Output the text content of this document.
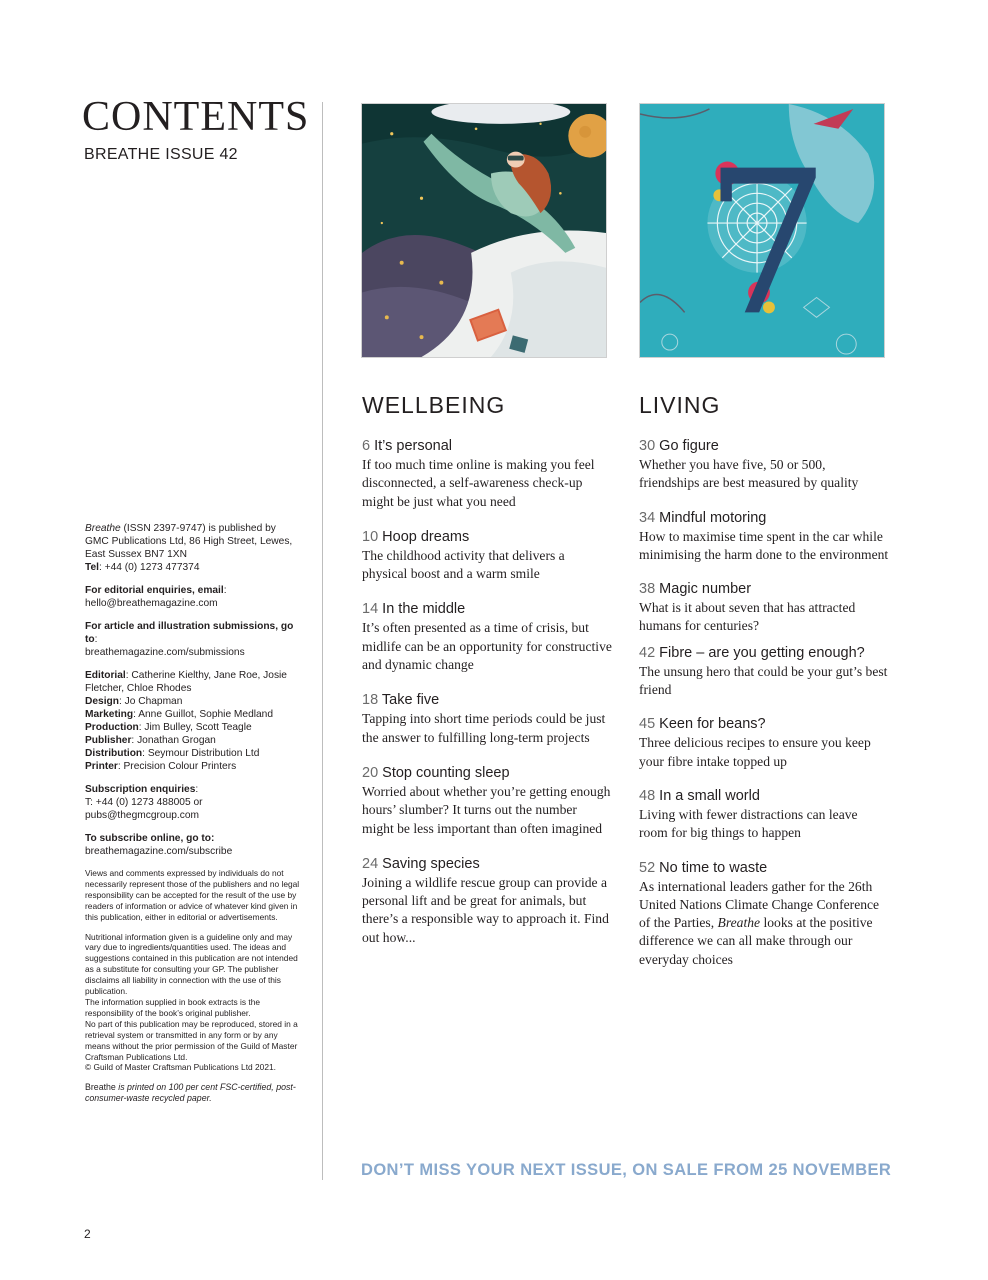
CONTENTS
BREATHE ISSUE 42

Breathe (ISSN 2397-9747) is published by GMC Publications Ltd, 86 High Street, Lewes, East Sussex BN7 1XN
Tel: +44 (0) 1273 477374

For editorial enquiries, email:
hello@breathemagazine.com

For article and illustration submissions, go to:
breathemagazine.com/submissions

Editorial: Catherine Kielthy, Jane Roe, Josie Fletcher, Chloe Rhodes
Design: Jo Chapman
Marketing: Anne Guillot, Sophie Medland
Production: Jim Bulley, Scott Teagle
Publisher: Jonathan Grogan
Distribution: Seymour Distribution Ltd
Printer: Precision Colour Printers

Subscription enquiries:
T: +44 (0) 1273 488005 or
pubs@thegmcgroup.com

To subscribe online, go to:
breathemagazine.com/subscribe

Views and comments expressed by individuals do not necessarily represent those of the publishers and no legal responsibility can be accepted for the result of the use by readers of information or advice of whatever kind given in this publication, either in editorial or advertisements.

Nutritional information given is a guideline only and may vary due to ingredients/quantities used. The ideas and suggestions contained in this publication are not intended as a substitute for consulting your GP. The publisher disclaims all liability in connection with the use of this publication.
The information supplied in book extracts is the responsibility of the book’s original publisher.
No part of this publication may be reproduced, stored in a retrieval system or transmitted in any form or by any means without the prior permission of the Guild of Master Craftsman Publications Ltd.
© Guild of Master Craftsman Publications Ltd 2021.

Breathe is printed on 100 per cent FSC-certified, post-consumer-waste recycled paper.

7
WELLBEING
6 It’s personal
If too much time online is making you feel disconnected, a self-awareness check-up might be just what you need
10 Hoop dreams
The childhood activity that delivers a physical boost and a warm smile
14 In the middle
It’s often presented as a time of crisis, but midlife can be an opportunity for constructive and dynamic change
18 Take five
Tapping into short time periods could be just the answer to fulfilling long-term projects
20 Stop counting sleep
Worried about whether you’re getting enough hours’ slumber? It turns out the number might be less important than often imagined
24 Saving species
Joining a wildlife rescue group can provide a personal lift and be great for animals, but there’s a responsible way to approach it. Find out how...
LIVING
30 Go figure
Whether you have five, 50 or 500, friendships are best measured by quality
34 Mindful motoring
How to maximise time spent in the car while minimising the harm done to the environment
38 Magic number
What is it about seven that has attracted humans for centuries?
42 Fibre – are you getting enough?
The unsung hero that could be your gut’s best friend
45 Keen for beans?
Three delicious recipes to ensure you keep your fibre intake topped up
48 In a small world
Living with fewer distractions can leave room for big things to happen
52 No time to waste
As international leaders gather for the 26th United Nations Climate Change Conference of the Parties, Breathe looks at the positive difference we can all make through our everyday choices
DON’T MISS YOUR NEXT ISSUE, ON SALE FROM 25 NOVEMBER
2
